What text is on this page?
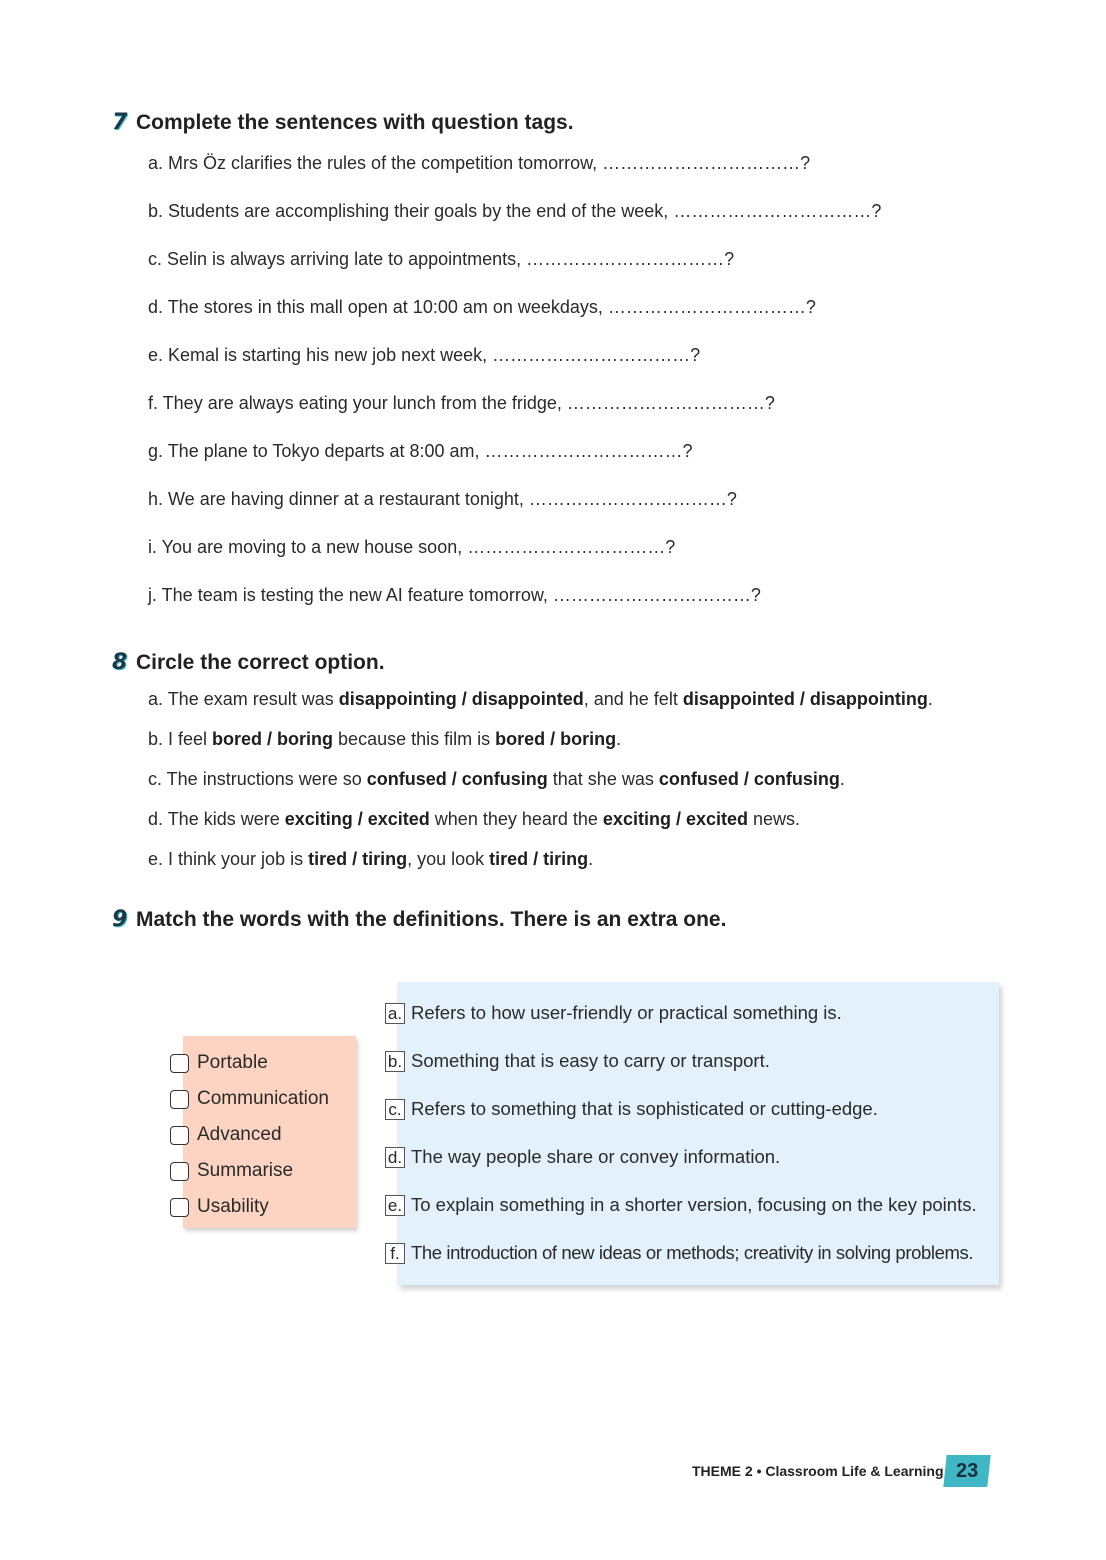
7 Complete the sentences with question tags.
a. Mrs Öz clarifies the rules of the competition tomorrow, ……………………………?
b. Students are accomplishing their goals by the end of the week, ……………………………?
c. Selin is always arriving late to appointments, ……………………………?
d. The stores in this mall open at 10:00 am on weekdays, ……………………………?
e. Kemal is starting his new job next week, ……………………………?
f. They are always eating your lunch from the fridge, ……………………………?
g. The plane to Tokyo departs at 8:00 am, ……………………………?
h. We are having dinner at a restaurant tonight, ……………………………?
i. You are moving to a new house soon, ……………………………?
j. The team is testing the new AI feature tomorrow, ……………………………?
8 Circle the correct option.
a. The exam result was disappointing / disappointed, and he felt disappointed / disappointing.
b. I feel bored / boring because this film is bored / boring.
c. The instructions were so confused / confusing that she was confused / confusing.
d. The kids were exciting / excited when they heard the exciting / excited news.
e. I think your job is tired / tiring, you look tired / tiring.
9 Match the words with the definitions. There is an extra one.
Portable
Communication
Advanced
Summarise
Usability
a. Refers to how user-friendly or practical something is.
b. Something that is easy to carry or transport.
c. Refers to something that is sophisticated or cutting-edge.
d. The way people share or convey information.
e. To explain something in a shorter version, focusing on the key points.
f. The introduction of new ideas or methods; creativity in solving problems.
THEME 2 • Classroom Life & Learning 23
